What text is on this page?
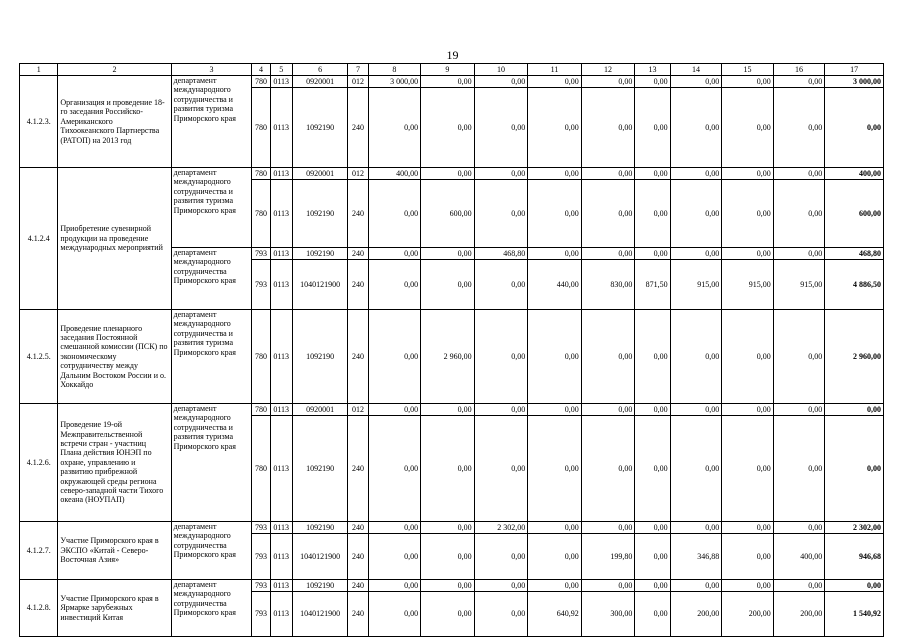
19
1	2	3	4	5	6	7	8	9	10	11	12	13	14	15	16	17
4.1.2.3.	Организация и проведение 18-го заседания Российско-Американского Тихоокеанского Партнерства (РАТОП) на 2013 год	департамент международного сотрудничества и развития туризма Приморского края	780	0113	0920001	012	3 000,00	0,00	0,00	0,00	0,00	0,00	0,00	0,00	0,00	3 000,00
			780	0113	1092190	240	0,00	0,00	0,00	0,00	0,00	0,00	0,00	0,00	0,00	0,00
4.1.2.4	Приобретение сувенирной продукции на проведение международных мероприятий	департамент международного сотрудничества и развития туризма Приморского края	780	0113	0920001	012	400,00	0,00	0,00	0,00	0,00	0,00	0,00	0,00	0,00	400,00
			780	0113	1092190	240	0,00	600,00	0,00	0,00	0,00	0,00	0,00	0,00	0,00	600,00
		департамент международного сотрудничества Приморского края	793	0113	1092190	240	0,00	0,00	468,80	0,00	0,00	0,00	0,00	0,00	0,00	468,80
			793	0113	1040121900	240	0,00	0,00	0,00	440,00	830,00	871,50	915,00	915,00	915,00	4 886,50
4.1.2.5.	Проведение пленарного заседания Постоянной смешанной комиссии (ПСК) по экономическому сотрудничеству между Дальним Востоком России и о. Хоккайдо	департамент международного сотрудничества и развития туризма Приморского края	780	0113	1092190	240	0,00	2 960,00	0,00	0,00	0,00	0,00	0,00	0,00	0,00	2 960,00
4.1.2.6.	Проведение 19-ой Межправительственной встречи стран - участниц Плана действия ЮНЭП по охране, управлению и развитию прибрежной окружающей среды региона северо-западной части Тихого океана (НОУПАП)	департамент международного сотрудничества и развития туризма Приморского края	780	0113	0920001	012	0,00	0,00	0,00	0,00	0,00	0,00	0,00	0,00	0,00	0,00
			780	0113	1092190	240	0,00	0,00	0,00	0,00	0,00	0,00	0,00	0,00	0,00	0,00
4.1.2.7.	Участие Приморского края в ЭКСПО «Китай - Северо-Восточная Азия»	департамент международного сотрудничества Приморского края	793	0113	1092190	240	0,00	0,00	2 302,00	0,00	0,00	0,00	0,00	0,00	0,00	2 302,00
			793	0113	1040121900	240	0,00	0,00	0,00	0,00	199,80	0,00	346,88	0,00	400,00	946,68
4.1.2.8.	Участие Приморского края в Ярмарке зарубежных инвестиций Китая	департамент международного сотрудничества Приморского края	793	0113	1092190	240	0,00	0,00	0,00	0,00	0,00	0,00	0,00	0,00	0,00	0,00
			793	0113	1040121900	240	0,00	0,00	0,00	640,92	300,00	0,00	200,00	200,00	200,00	1 540,92
